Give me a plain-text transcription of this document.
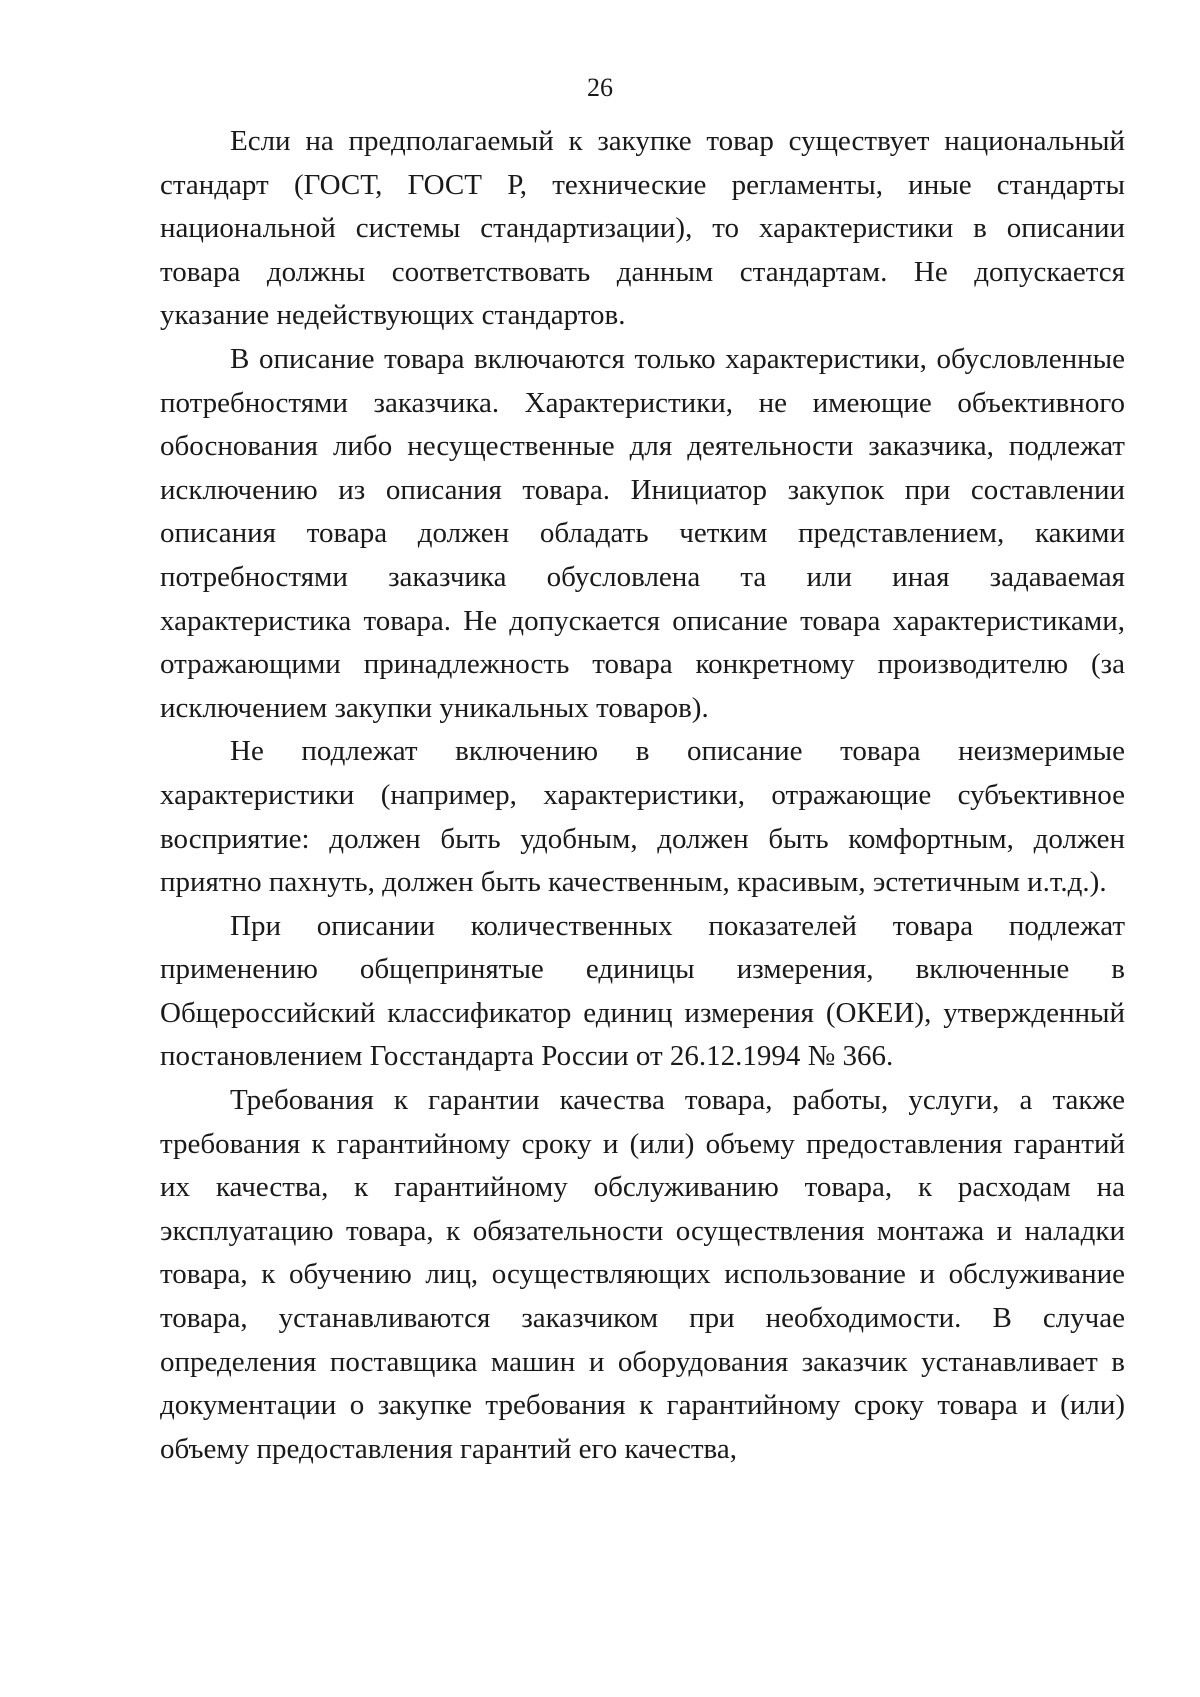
26

Если на предполагаемый к закупке товар существует национальный стандарт (ГОСТ, ГОСТ Р, технические регламенты, иные стандарты национальной системы стандартизации), то характеристики в описании товара должны соответствовать данным стандартам. Не допускается указание недействующих стандартов.

В описание товара включаются только характеристики, обусловленные потребностями заказчика. Характеристики, не имеющие объективного обоснования либо несущественные для деятельности заказчика, подлежат исключению из описания товара. Инициатор закупок при составлении описания товара должен обладать четким представлением, какими потребностями заказчика обусловлена та или иная задаваемая характеристика товара. Не допускается описание товара характеристиками, отражающими принадлежность товара конкретному производителю (за исключением закупки уникальных товаров).

Не подлежат включению в описание товара неизмеримые характеристики (например, характеристики, отражающие субъективное восприятие: должен быть удобным, должен быть комфортным, должен приятно пахнуть, должен быть качественным, красивым, эстетичным и.т.д.).

При описании количественных показателей товара подлежат применению общепринятые единицы измерения, включенные в Общероссийский классификатор единиц измерения (ОКЕИ), утвержденный постановлением Госстандарта России от 26.12.1994 № 366.

Требования к гарантии качества товара, работы, услуги, а также требования к гарантийному сроку и (или) объему предоставления гарантий их качества, к гарантийному обслуживанию товара, к расходам на эксплуатацию товара, к обязательности осуществления монтажа и наладки товара, к обучению лиц, осуществляющих использование и обслуживание товара, устанавливаются заказчиком при необходимости. В случае определения поставщика машин и оборудования заказчик устанавливает в документации о закупке требования к гарантийному сроку товара и (или) объему предоставления гарантий его качества,
